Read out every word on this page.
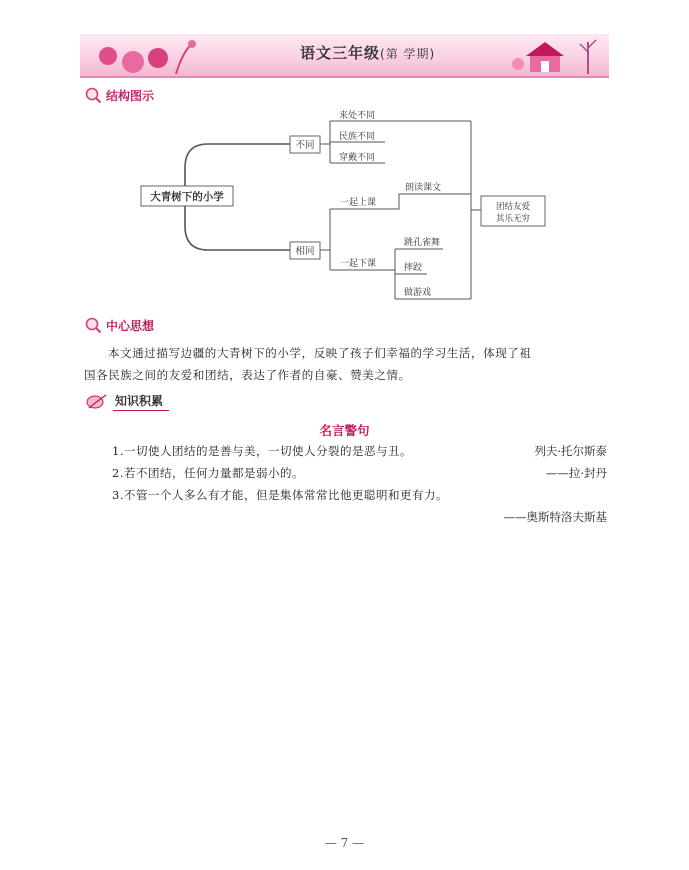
语文三年级(第 学期)
结构图示
大青树下的小学
不同
来处不同
民族不同
穿戴不同
相同
一起上课
一起下课
朗读课文
跳孔雀舞
摔跤
做游戏
团结友爱
其乐无穷
中心思想
本文通过描写边疆的大青树下的小学，反映了孩子们幸福的学习生活，体现了祖
国各民族之间的友爱和团结，表达了作者的自豪、赞美之情。
知识积累
名言警句
1.一切使人团结的是善与美，一切使人分裂的是恶与丑。	列夫·托尔斯泰
2.若不团结，任何力量都是弱小的。	——拉·封丹
3.不管一个人多么有才能，但是集体常常比他更聪明和更有力。
——奥斯特洛夫斯基
— 7 —
